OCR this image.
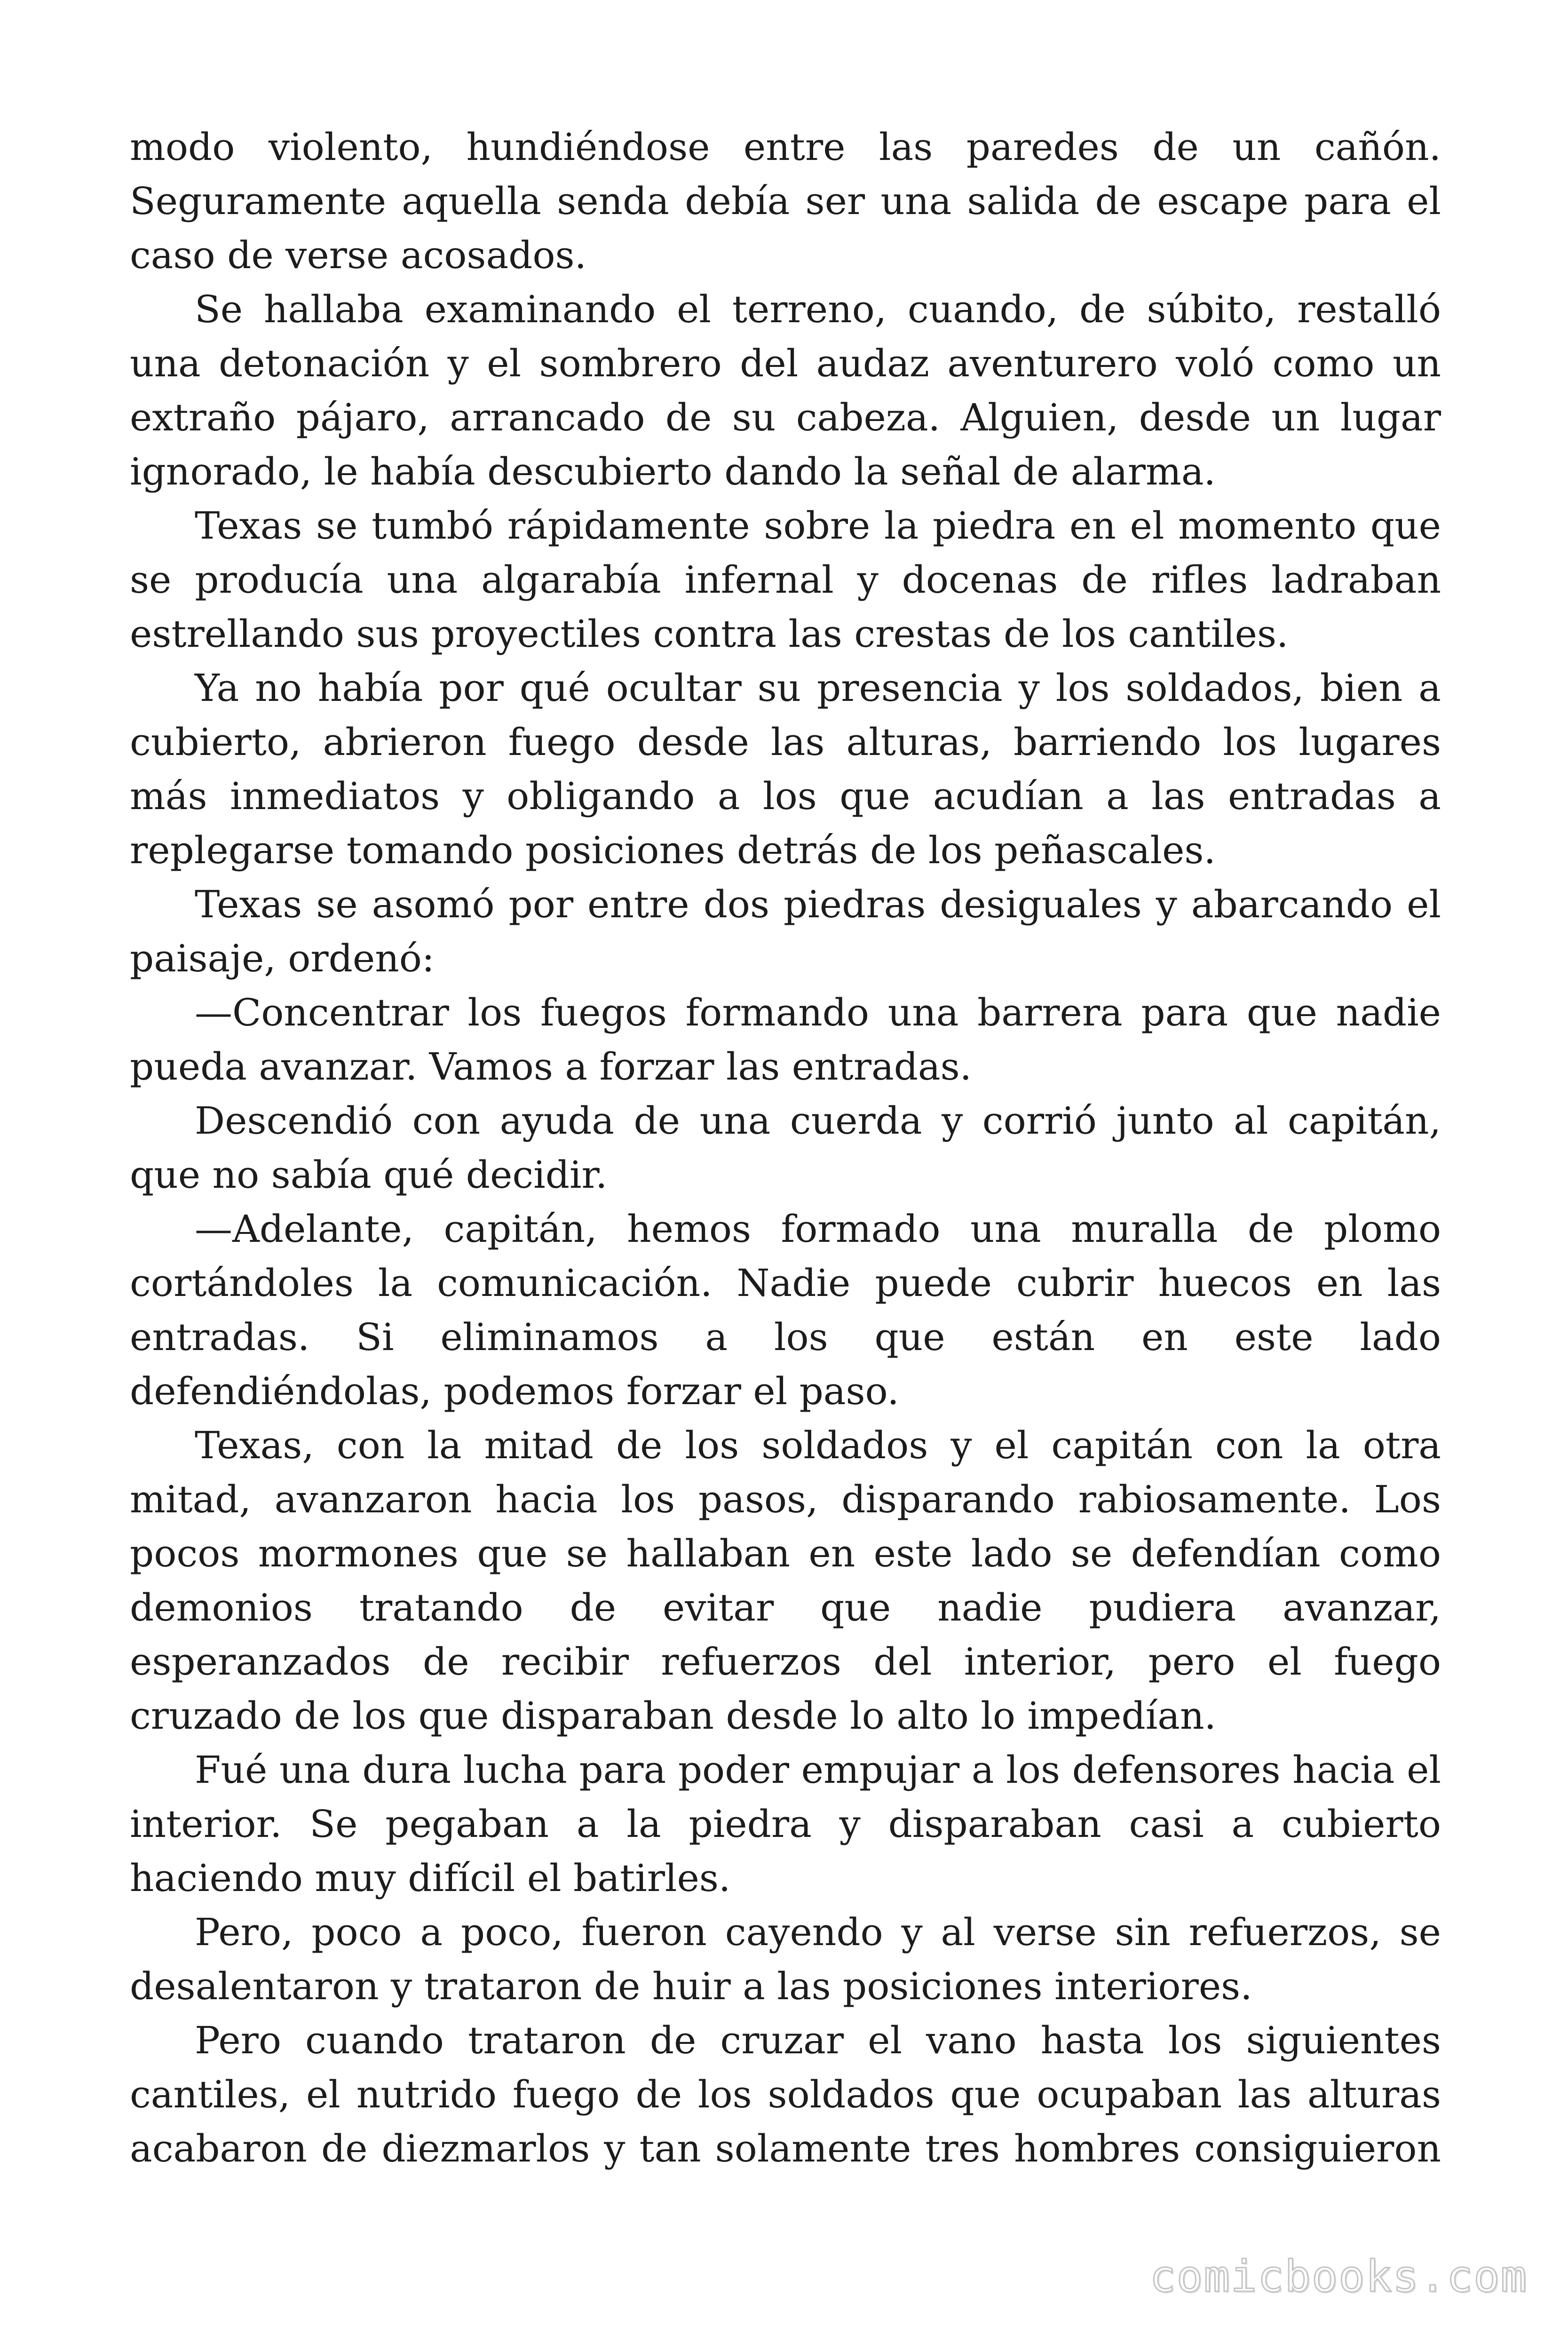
modo violento, hundiéndose entre las paredes de un cañón. Seguramente aquella senda debía ser una salida de escape para el caso de verse acosados.

Se hallaba examinando el terreno, cuando, de súbito, restalló una detonación y el sombrero del audaz aventurero voló como un extraño pájaro, arrancado de su cabeza. Alguien, desde un lugar ignorado, le había descubierto dando la señal de alarma.

Texas se tumbó rápidamente sobre la piedra en el momento que se producía una algarabía infernal y docenas de rifles ladraban estrellando sus proyectiles contra las crestas de los cantiles.

Ya no había por qué ocultar su presencia y los soldados, bien a cubierto, abrieron fuego desde las alturas, barriendo los lugares más inmediatos y obligando a los que acudían a las entradas a replegarse tomando posiciones detrás de los peñascales.

Texas se asomó por entre dos piedras desiguales y abarcando el paisaje, ordenó:

—Concentrar los fuegos formando una barrera para que nadie pueda avanzar. Vamos a forzar las entradas.

Descendió con ayuda de una cuerda y corrió junto al capitán, que no sabía qué decidir.

—Adelante, capitán, hemos formado una muralla de plomo cortándoles la comunicación. Nadie puede cubrir huecos en las entradas. Si eliminamos a los que están en este lado defendiéndolas, podemos forzar el paso.

Texas, con la mitad de los soldados y el capitán con la otra mitad, avanzaron hacia los pasos, disparando rabiosamente. Los pocos mormones que se hallaban en este lado se defendían como demonios tratando de evitar que nadie pudiera avanzar, esperanzados de recibir refuerzos del interior, pero el fuego cruzado de los que disparaban desde lo alto lo impedían.

Fué una dura lucha para poder empujar a los defensores hacia el interior. Se pegaban a la piedra y disparaban casi a cubierto haciendo muy difícil el batirles.

Pero, poco a poco, fueron cayendo y al verse sin refuerzos, se desalentaron y trataron de huir a las posiciones interiores.

Pero cuando trataron de cruzar el vano hasta los siguientes cantiles, el nutrido fuego de los soldados que ocupaban las alturas acabaron de diezmarlos y tan solamente tres hombres consiguieron

comicbooks.com
